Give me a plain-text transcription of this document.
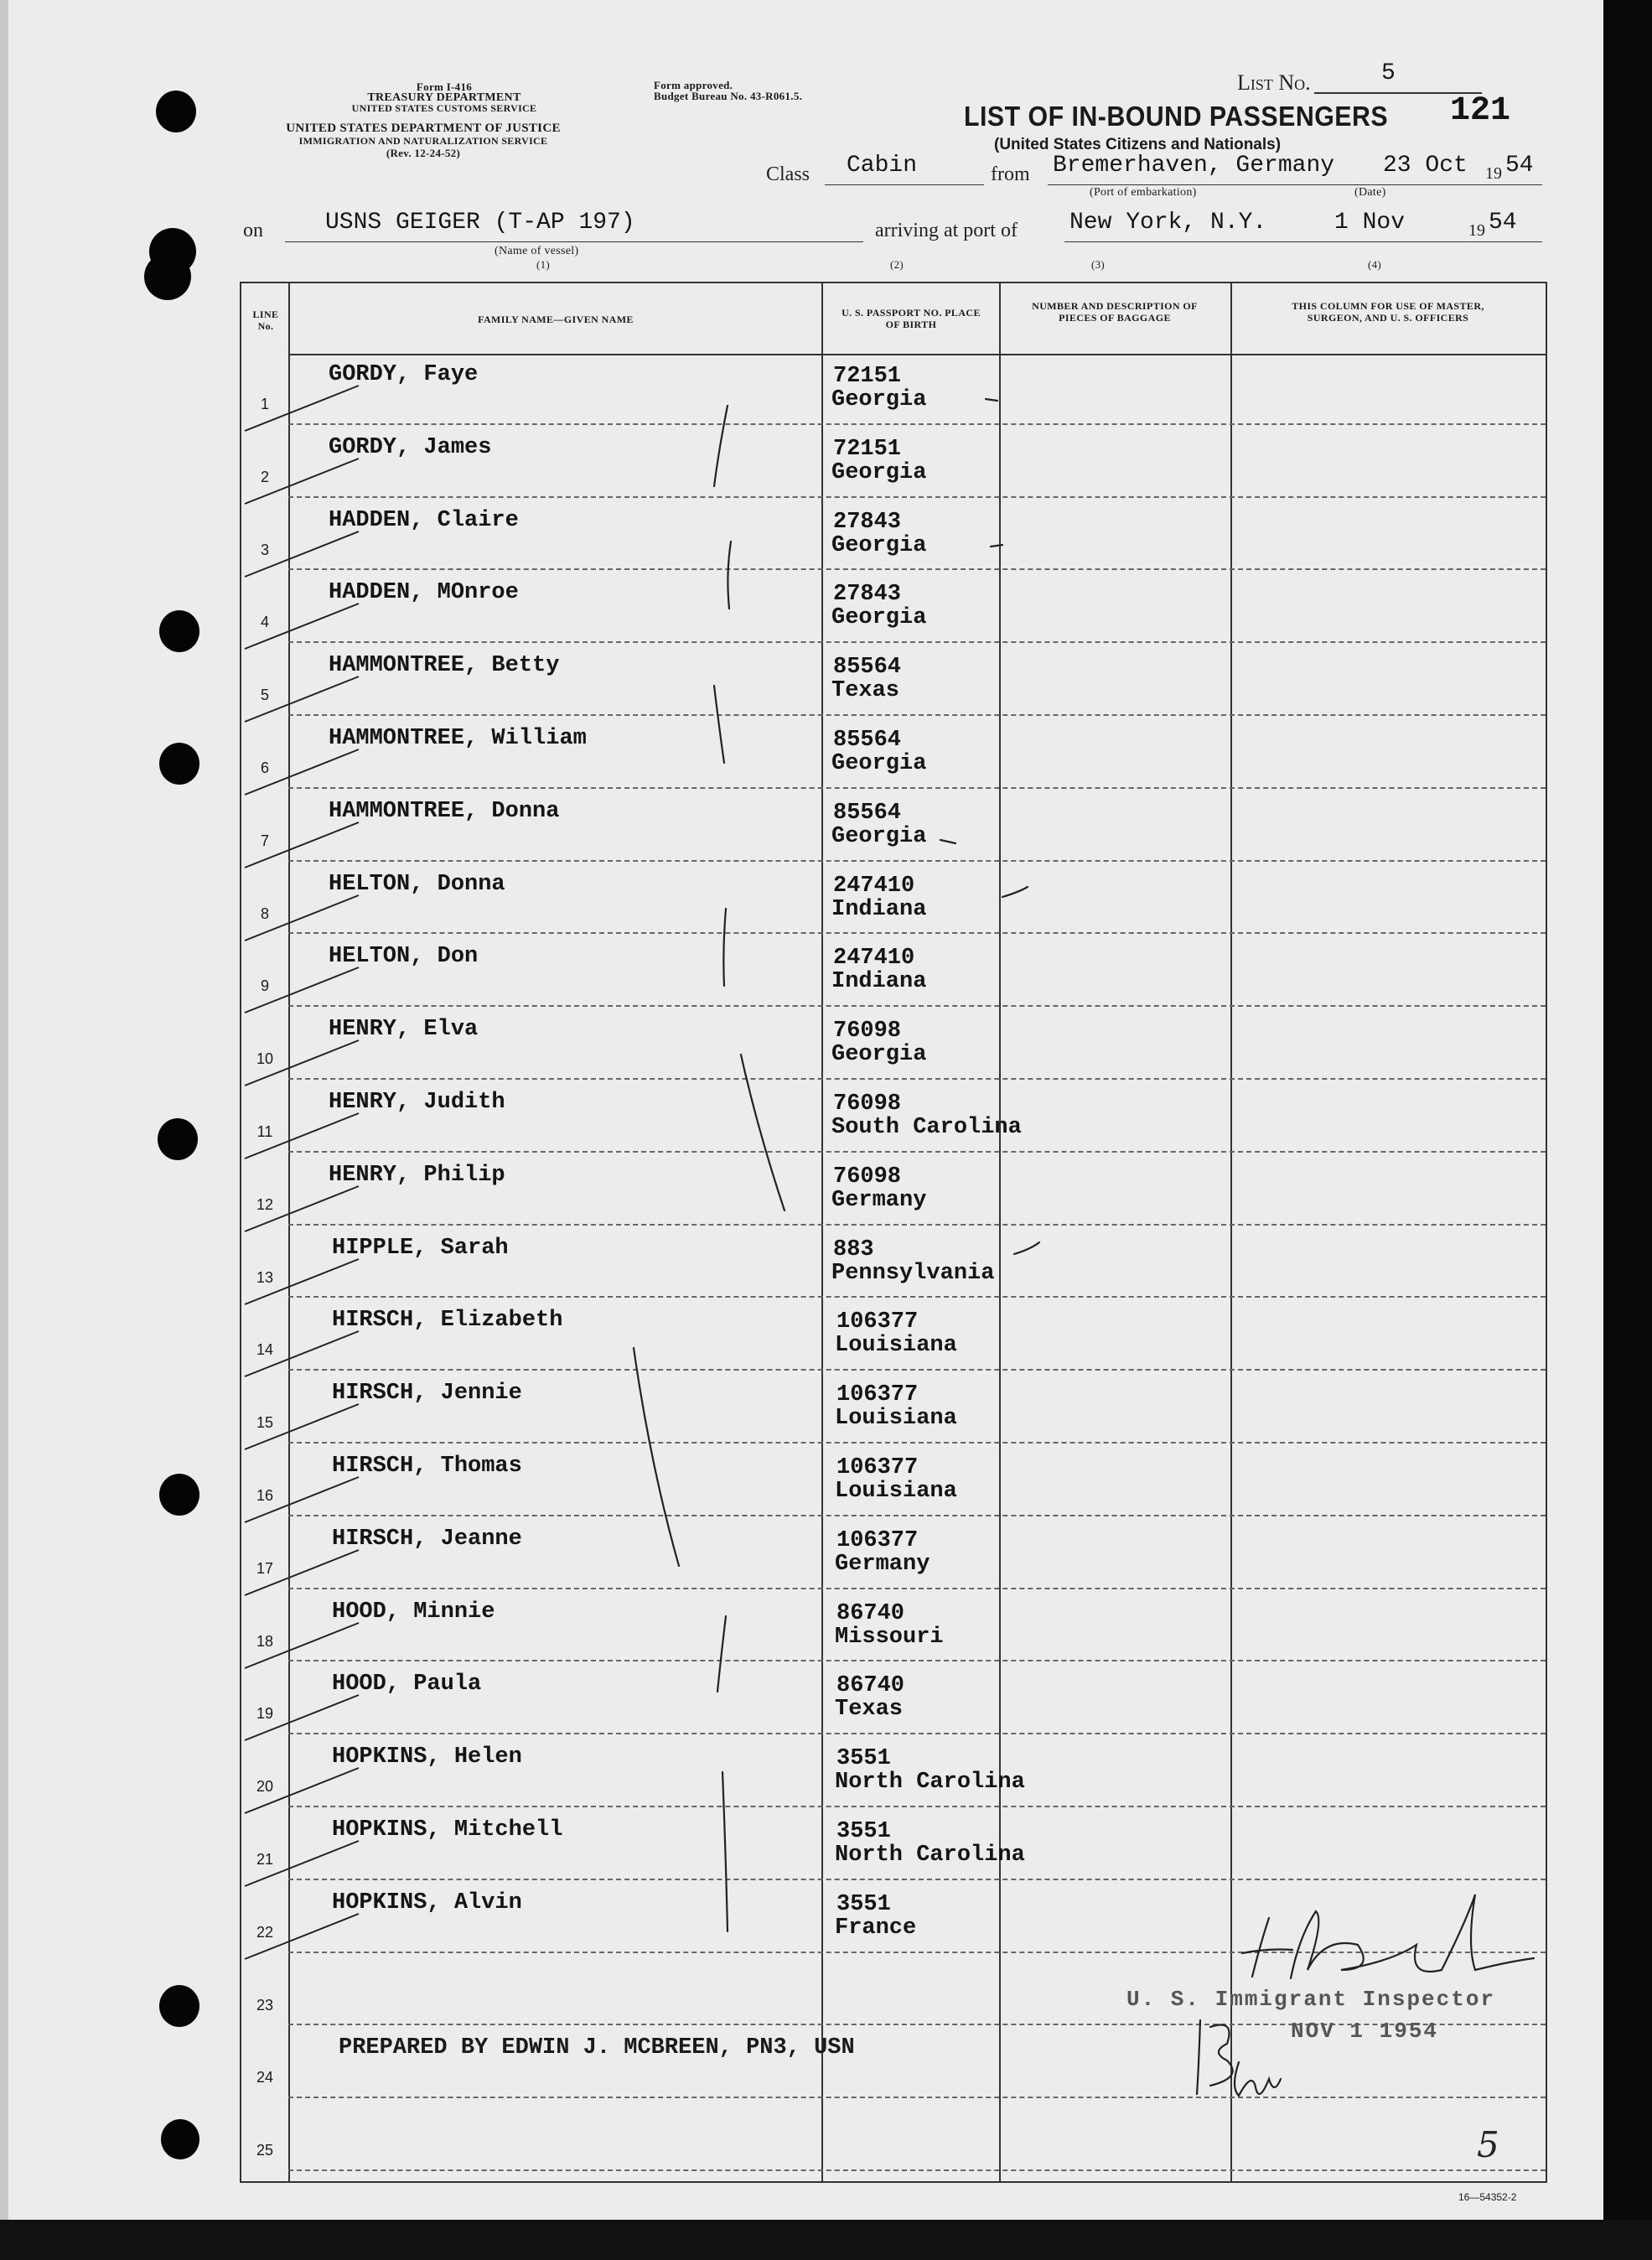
Form I-416
TREASURY DEPARTMENT
UNITED STATES CUSTOMS SERVICE
UNITED STATES DEPARTMENT OF JUSTICE
IMMIGRATION AND NATURALIZATION SERVICE
(Rev. 12-24-52)
Form approved.
Budget Bureau No. 43-R061.5.
List No.	5
121
LIST OF IN-BOUND PASSENGERS
(United States Citizens and Nationals)
Class Cabin	from Bremerhaven, Germany
(Port of embarkation)
23 Oct 19 54
(Date)
on	USNS GEIGER (T-AP 197)
(Name of vessel)
arriving at port of New York, N.Y.	1 Nov	19 54
(1)	(2)	(3)	(4)
LINE No.
FAMILY NAME—GIVEN NAME
U. S. PASSPORT NO. PLACE OF BIRTH
NUMBER AND DESCRIPTION OF PIECES OF BAGGAGE
THIS COLUMN FOR USE OF MASTER, SURGEON, AND U. S. OFFICERS
1
GORDY, Faye	72151
Georgia
2
GORDY, James	72151
Georgia
3
HADDEN, Claire	27843
Georgia
4
HADDEN, MOnroe	27843
Georgia
5
HAMMONTREE, Betty	85564
Texas
6
HAMMONTREE, William	85564
Georgia
7
HAMMONTREE, Donna	85564
Georgia
8
HELTON, Donna	247410
Indiana
9
HELTON, Don	247410
Indiana
10
HENRY, Elva	76098
Georgia
11
HENRY, Judith	76098
South Carolina
12
HENRY, Philip	76098
Germany
13
HIPPLE, Sarah	883
Pennsylvania
14
HIRSCH, Elizabeth	106377
Louisiana
15
HIRSCH, Jennie	106377
Louisiana
16
HIRSCH, Thomas	106377
Louisiana
17
HIRSCH, Jeanne	106377
Germany
18
HOOD, Minnie	86740
Missouri
19
HOOD, Paula	86740
Texas
20
HOPKINS, Helen	3551
North Carolina
21
HOPKINS, Mitchell	3551
North Carolina
22
HOPKINS, Alvin	3551
France
23
24
25
PREPARED BY EDWIN J. MCBREEN, PN3, USN
U. S. Immigrant Inspector
NOV 1 1954
5
16—54352-2
